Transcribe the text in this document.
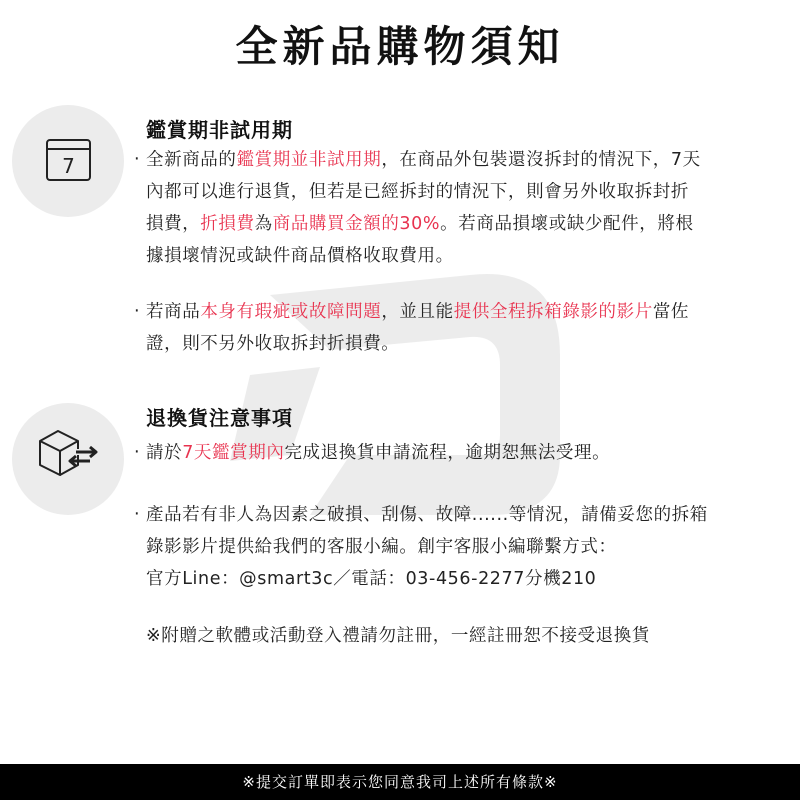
全新品購物須知
7
鑑賞期非試用期
‧ 全新商品的鑑賞期並非試用期，在商品外包裝還沒拆封的情況下，7天
內都可以進行退貨，但若是已經拆封的情況下，則會另外收取拆封折
損費，折損費為商品購買金額的30%。若商品損壞或缺少配件，將根
據損壞情況或缺件商品價格收取費用。
‧ 若商品本身有瑕疵或故障問題，並且能提供全程拆箱錄影的影片當佐
證，則不另外收取拆封折損費。
退換貨注意事項
‧ 請於7天鑑賞期內完成退換貨申請流程，逾期恕無法受理。
‧ 產品若有非人為因素之破損、刮傷、故障......等情況，請備妥您的拆箱
錄影影片提供給我們的客服小編。創宇客服小編聯繫方式：
官方Line：@smart3c／電話：03-456-2277分機210
※附贈之軟體或活動登入禮請勿註冊，一經註冊恕不接受退換貨
※提交訂單即表示您同意我司上述所有條款※
